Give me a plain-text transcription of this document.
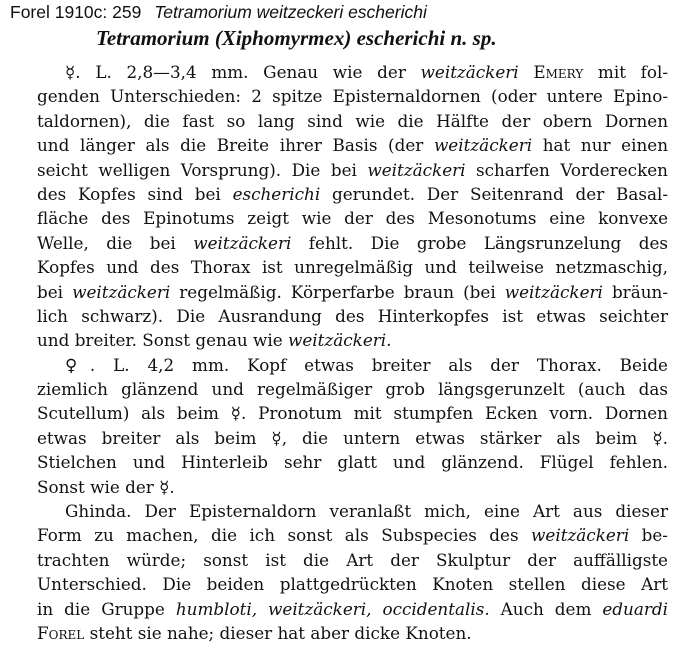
Forel 1910c: 259 Tetramorium weitzeckeri escherichi
Tetramorium (Xiphomyrmex) escherichi n. sp.
☿. L. 2,8—3,4 mm. Genau wie der weitzäckeri Emery mit fol-
genden Unterschieden: 2 spitze Episternaldornen (oder untere Epino-
taldornen), die fast so lang sind wie die Hälfte der obern Dornen
und länger als die Breite ihrer Basis (der weitzäckeri hat nur einen
seicht welligen Vorsprung). Die bei weitzäckeri scharfen Vorderecken
des Kopfes sind bei escherichi gerundet. Der Seitenrand der Basal-
fläche des Epinotums zeigt wie der des Mesonotums eine konvexe
Welle, die bei weitzäckeri fehlt. Die grobe Längsrunzelung des
Kopfes und des Thorax ist unregelmäßig und teilweise netzmaschig,
bei weitzäckeri regelmäßig. Körperfarbe braun (bei weitzäckeri bräun-
lich schwarz). Die Ausrandung des Hinterkopfes ist etwas seichter
und breiter. Sonst genau wie weitzäckeri.
♀. L. 4,2 mm. Kopf etwas breiter als der Thorax. Beide
ziemlich glänzend und regelmäßiger grob längsgerunzelt (auch das
Scutellum) als beim ☿. Pronotum mit stumpfen Ecken vorn. Dornen
etwas breiter als beim ☿, die untern etwas stärker als beim ☿.
Stielchen und Hinterleib sehr glatt und glänzend. Flügel fehlen.
Sonst wie der ☿.
Ghinda. Der Episternaldorn veranlaßt mich, eine Art aus dieser
Form zu machen, die ich sonst als Subspecies des weitzäckeri be-
trachten würde; sonst ist die Art der Skulptur der auffälligste
Unterschied. Die beiden plattgedrückten Knoten stellen diese Art
in die Gruppe humbloti, weitzäckeri, occidentalis. Auch dem eduardi
Forel steht sie nahe; dieser hat aber dicke Knoten.
